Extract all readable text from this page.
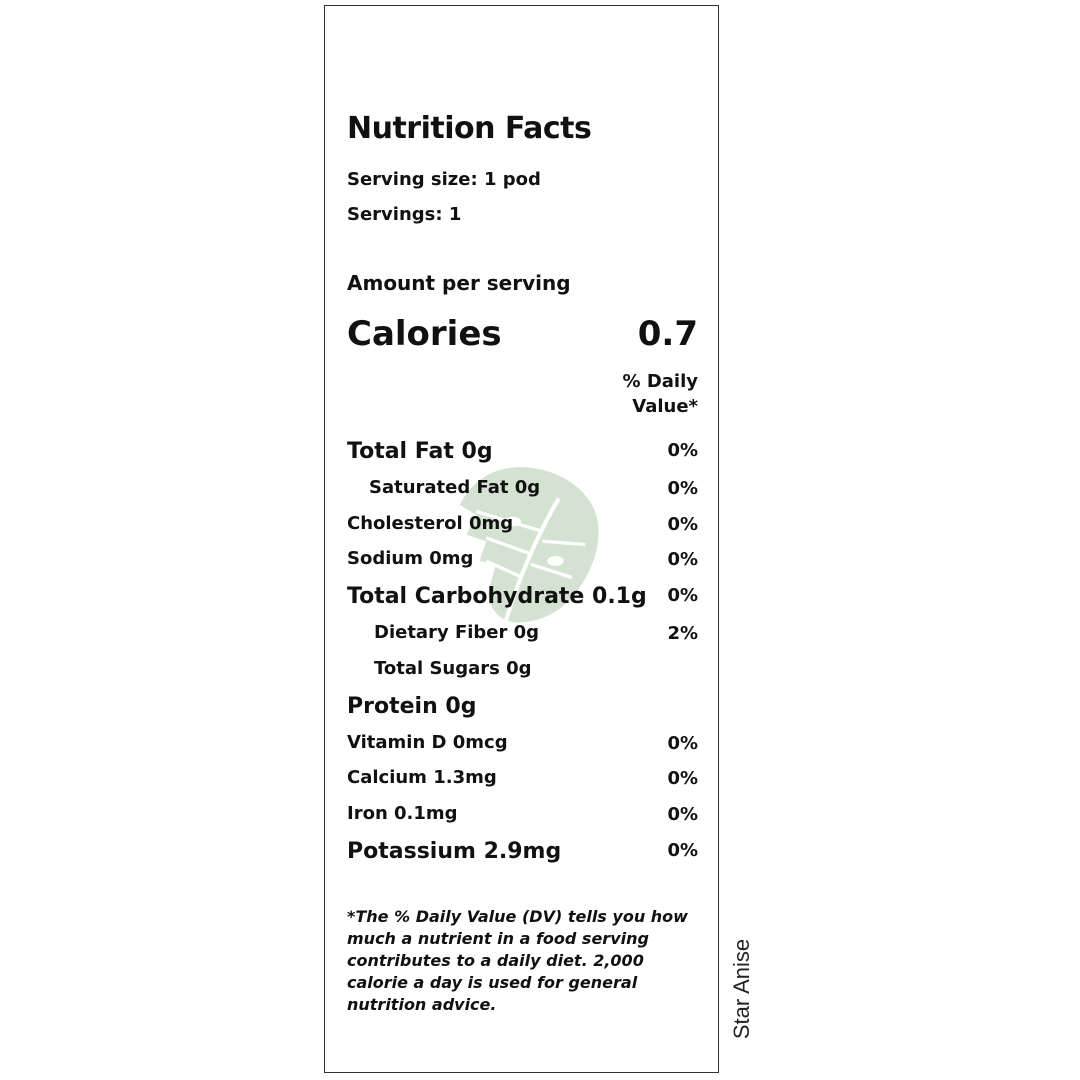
Nutrition Facts
Serving size: 1 pod
Servings: 1
Amount per serving
Calories	0.7
% Daily
Value*
Total Fat 0g	0%
Saturated Fat 0g	0%
Cholesterol 0mg	0%
Sodium 0mg	0%
Total Carbohydrate 0.1g 0%
Dietary Fiber 0g	2%
Total Sugars 0g
Protein 0g
Vitamin D 0mcg	0%
Calcium 1.3mg	0%
Iron 0.1mg	0%
Potassium 2.9mg	0%
*The % Daily Value (DV) tells you how much a nutrient in a food serving contributes to a daily diet. 2,000 calorie a day is used for general nutrition advice.	Star Anise
